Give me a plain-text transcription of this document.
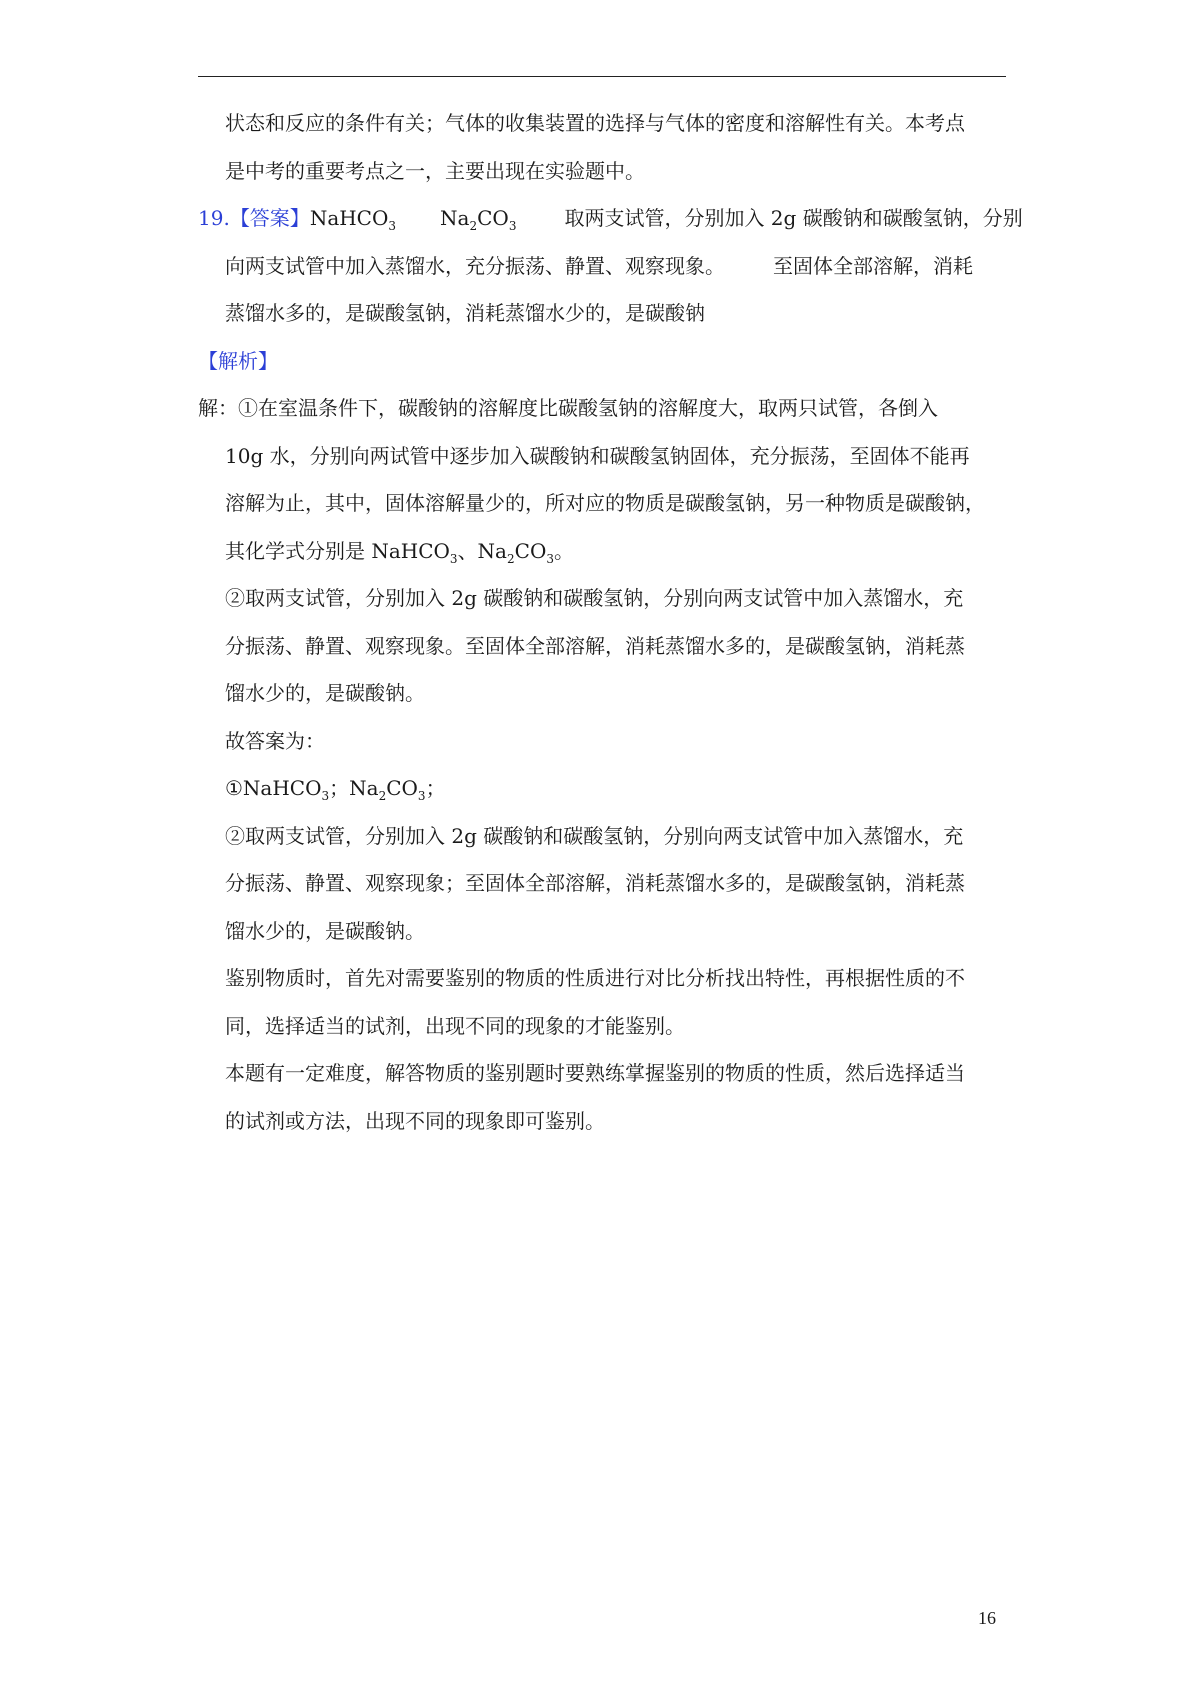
状态和反应的条件有关；气体的收集装置的选择与气体的密度和溶解性有关。本考点
是中考的重要考点之一，主要出现在实验题中。
19.【答案】NaHCO$_3$ $Na_2CO_3$ 取两支试管，分别加入 2g 碳酸钠和碳酸氢钠，分别
向两支试管中加入蒸馏水，充分振荡、静置、观察现象。 至固体全部溶解，消耗
蒸馏水多的，是碳酸氢钠，消耗蒸馏水少的，是碳酸钠
【解析】
解：①在室温条件下，碳酸钠的溶解度比碳酸氢钠的溶解度大，取两只试管，各倒入
10g 水，分别向两试管中逐步加入碳酸钠和碳酸氢钠固体，充分振荡，至固体不能再
溶解为止，其中，固体溶解量少的，所对应的物质是碳酸氢钠，另一种物质是碳酸钠，
其化学式分别是 NaHCO$_3$、$Na_2CO_3$。
②取两支试管，分别加入 2g 碳酸钠和碳酸氢钠，分别向两支试管中加入蒸馏水，充
分振荡、静置、观察现象。至固体全部溶解，消耗蒸馏水多的，是碳酸氢钠，消耗蒸
馏水少的，是碳酸钠。
故答案为：
①NaHCO$_3$；$Na_2CO_3$；
②取两支试管，分别加入 2g 碳酸钠和碳酸氢钠，分别向两支试管中加入蒸馏水，充
分振荡、静置、观察现象；至固体全部溶解，消耗蒸馏水多的，是碳酸氢钠，消耗蒸
馏水少的，是碳酸钠。
鉴别物质时，首先对需要鉴别的物质的性质进行对比分析找出特性，再根据性质的不
同，选择适当的试剂，出现不同的现象的才能鉴别。
本题有一定难度，解答物质的鉴别题时要熟练掌握鉴别的物质的性质，然后选择适当
的试剂或方法，出现不同的现象即可鉴别。
16
